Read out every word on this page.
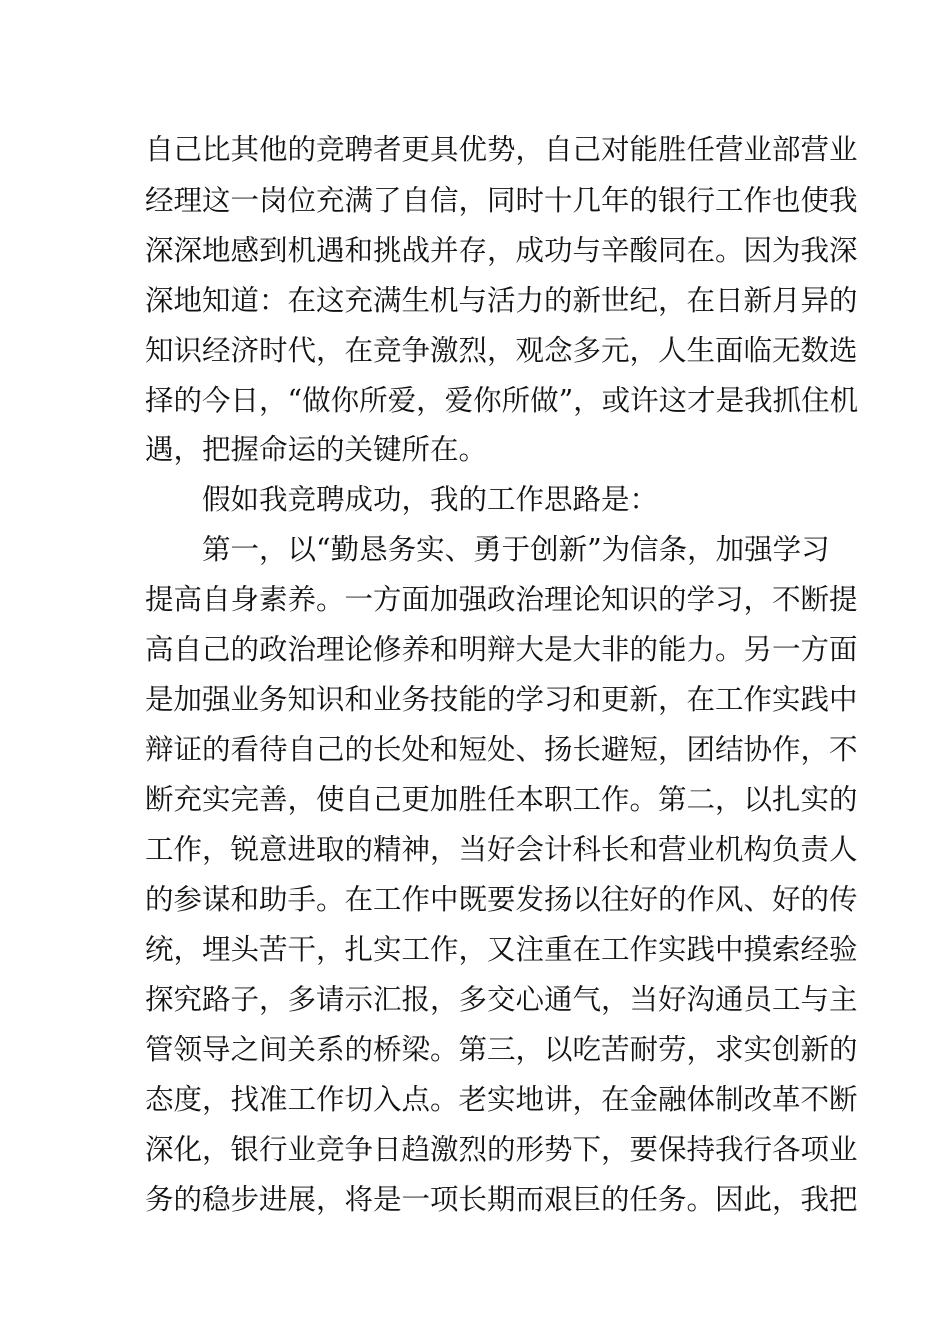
自己比其他的竞聘者更具优势，自己对能胜任营业部营业
经理这一岗位充满了自信，同时十几年的银行工作也使我
深深地感到机遇和挑战并存，成功与辛酸同在。因为我深
深地知道：在这充满生机与活力的新世纪，在日新月异的
知识经济时代，在竞争激烈，观念多元，人生面临无数选
择的今日，“做你所爱，爱你所做”，或许这才是我抓住机
遇，把握命运的关键所在。
假如我竞聘成功，我的工作思路是：
第一，以“勤恳务实、勇于创新”为信条，加强学习
提高自身素养。一方面加强政治理论知识的学习，不断提
高自己的政治理论修养和明辩大是大非的能力。另一方面
是加强业务知识和业务技能的学习和更新，在工作实践中
辩证的看待自己的长处和短处、扬长避短，团结协作，不
断充实完善，使自己更加胜任本职工作。第二，以扎实的
工作，锐意进取的精神，当好会计科长和营业机构负责人
的参谋和助手。在工作中既要发扬以往好的作风、好的传
统，埋头苦干，扎实工作，又注重在工作实践中摸索经验
探究路子，多请示汇报，多交心通气，当好沟通员工与主
管领导之间关系的桥梁。第三，以吃苦耐劳，求实创新的
态度，找准工作切入点。老实地讲，在金融体制改革不断
深化，银行业竞争日趋激烈的形势下，要保持我行各项业
务的稳步进展，将是一项长期而艰巨的任务。因此，我把
